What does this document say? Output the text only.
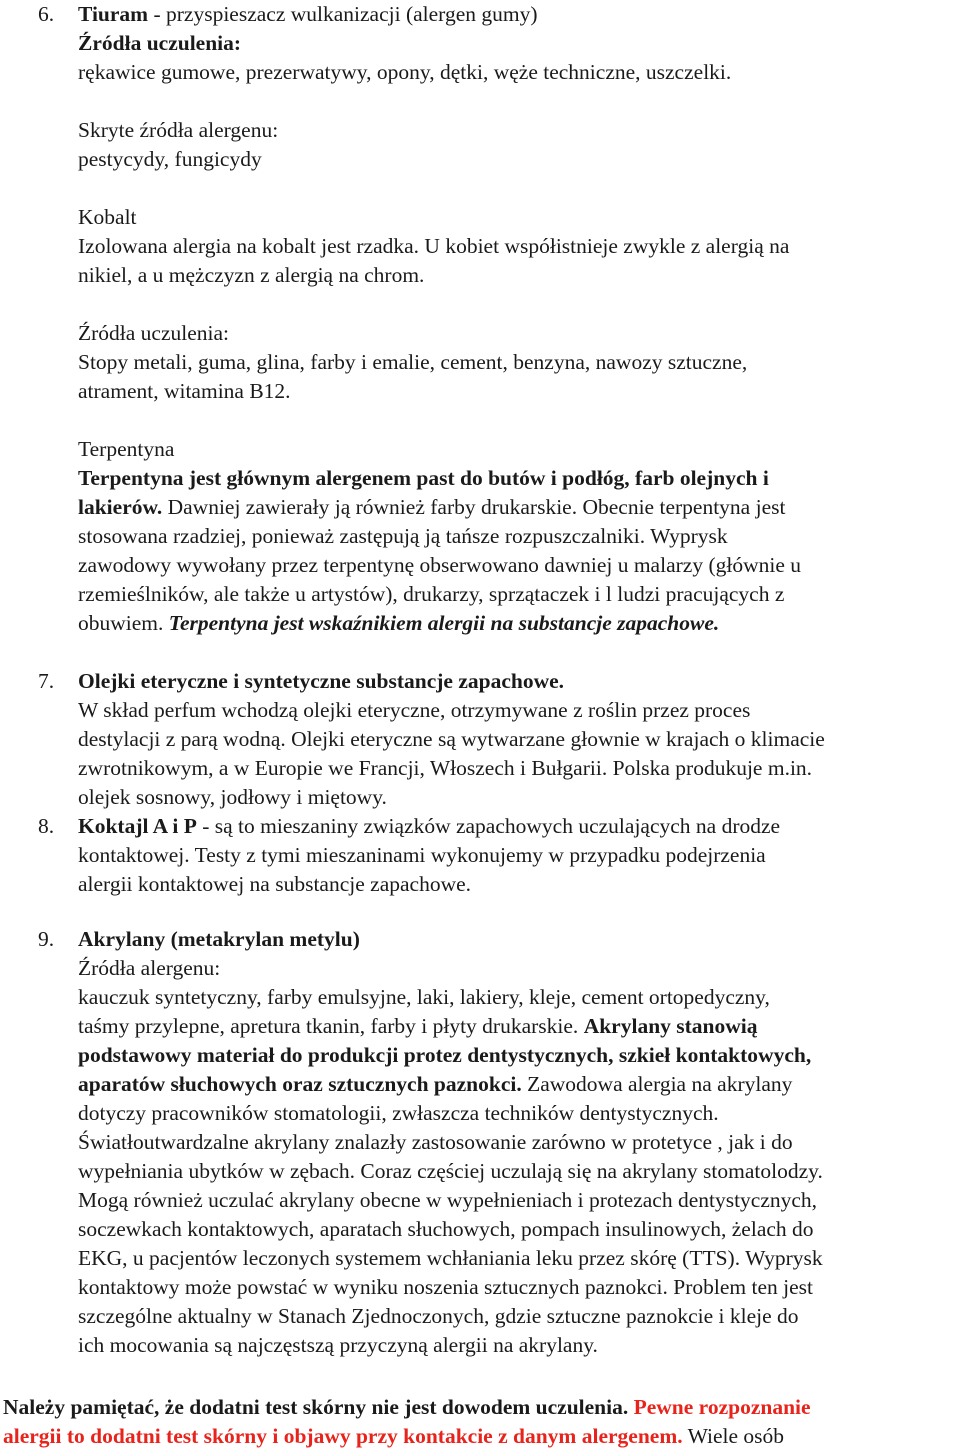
6. Tiuram - przyspieszacz wulkanizacji (alergen gumy)
Źródła uczulenia:
rękawice gumowe, prezerwatywy, opony, dętki, węże techniczne, uszczelki.
Skryte źródła alergenu:
pestycydy, fungicydy
Kobalt
Izolowana alergia na kobalt jest rzadka. U kobiet współistnieje zwykle z alergią na
nikiel, a u mężczyzn z alergią na chrom.
Źródła uczulenia:
Stopy metali, guma, glina, farby i emalie, cement, benzyna, nawozy sztuczne,
atrament, witamina B12.
Terpentyna
Terpentyna jest głównym alergenem past do butów i podłóg, farb olejnych i
lakierów. Dawniej zawierały ją również farby drukarskie. Obecnie terpentyna jest
stosowana rzadziej, ponieważ zastępują ją tańsze rozpuszczalniki. Wyprysk
zawodowy wywołany przez terpentynę obserwowano dawniej u malarzy (głównie u
rzemieślników, ale także u artystów), drukarzy, sprzątaczek i l ludzi pracujących z
obuwiem. Terpentyna jest wskaźnikiem alergii na substancje zapachowe.
7. Olejki eteryczne i syntetyczne substancje zapachowe.
W skład perfum wchodzą olejki eteryczne, otrzymywane z roślin przez proces
destylacji z parą wodną. Olejki eteryczne są wytwarzane głownie w krajach o klimacie
zwrotnikowym, a w Europie we Francji, Włoszech i Bułgarii. Polska produkuje m.in.
olejek sosnowy, jodłowy i miętowy.
8. Koktajl A i P - są to mieszaniny związków zapachowych uczulających na drodze
kontaktowej. Testy z tymi mieszaninami wykonujemy w przypadku podejrzenia
alergii kontaktowej na substancje zapachowe.
9. Akrylany (metakrylan metylu)
Źródła alergenu:
kauczuk syntetyczny, farby emulsyjne, laki, lakiery, kleje, cement ortopedyczny,
taśmy przylepne, apretura tkanin, farby i płyty drukarskie. Akrylany stanowią
podstawowy materiał do produkcji protez dentystycznych, szkieł kontaktowych,
aparatów słuchowych oraz sztucznych paznokci. Zawodowa alergia na akrylany
dotyczy pracowników stomatologii, zwłaszcza techników dentystycznych.
Światłoutwardzalne akrylany znalazły zastosowanie zarówno w protetyce , jak i do
wypełniania ubytków w zębach. Coraz częściej uczulają się na akrylany stomatolodzy.
Mogą również uczulać akrylany obecne w wypełnieniach i protezach dentystycznych,
soczewkach kontaktowych, aparatach słuchowych, pompach insulinowych, żelach do
EKG, u pacjentów leczonych systemem wchłaniania leku przez skórę (TTS). Wyprysk
kontaktowy może powstać w wyniku noszenia sztucznych paznokci. Problem ten jest
szczególne aktualny w Stanach Zjednoczonych, gdzie sztuczne paznokcie i kleje do
ich mocowania są najczęstszą przyczyną alergii na akrylany.
Należy pamiętać, że dodatni test skórny nie jest dowodem uczulenia. Pewne rozpoznanie
alergii to dodatni test skórny i objawy przy kontakcie z danym alergenem. Wiele osób
